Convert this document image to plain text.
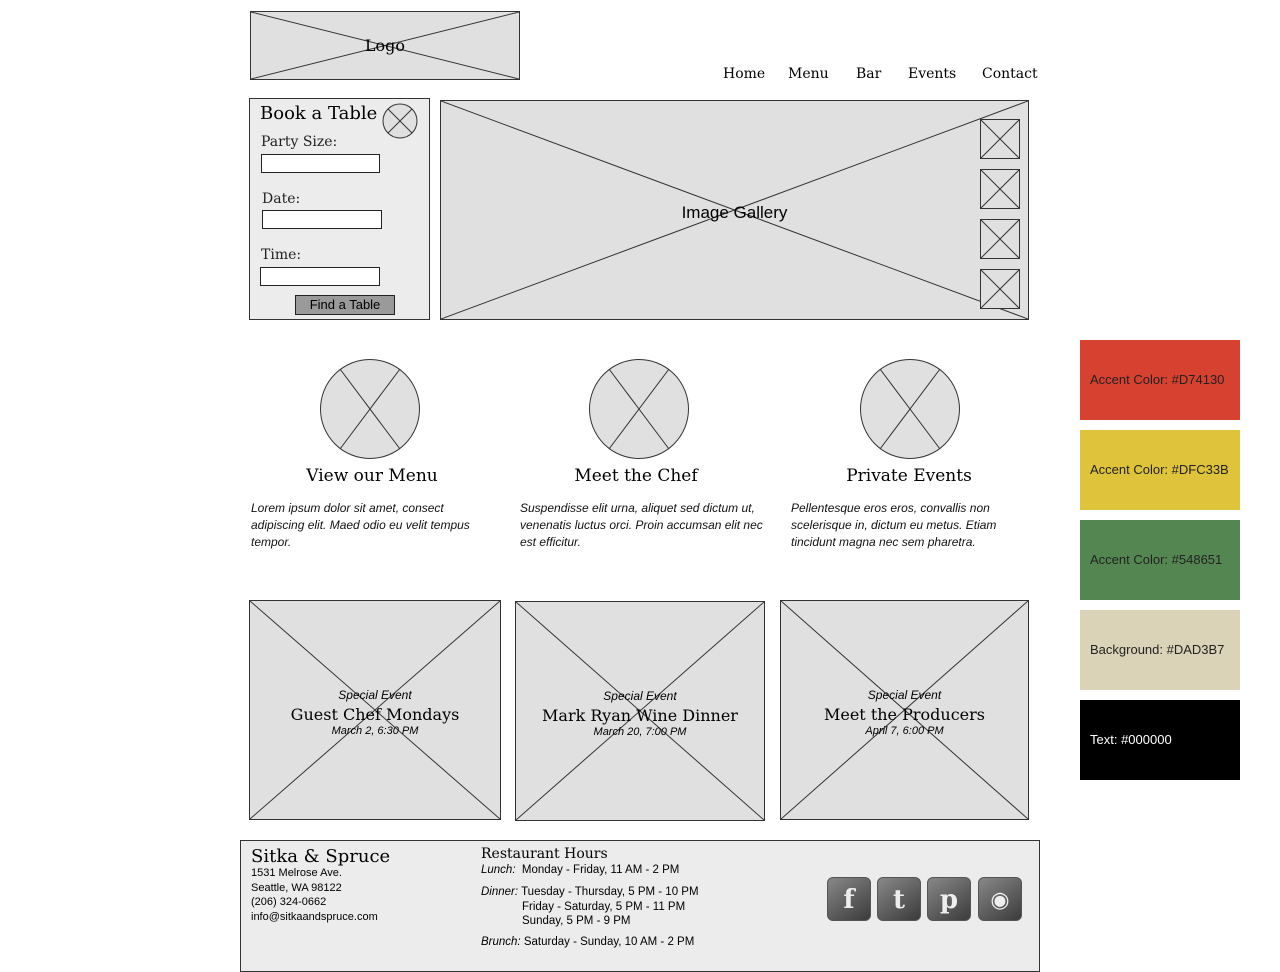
Logo
Home Menu Bar Events Contact
Book a Table
Party Size:
Date:
Time:
Find a Table
Image Gallery
View our Menu	Meet the Chef	Private Events
Lorem ipsum dolor sit amet, consect adipiscing elit. Maed odio eu velit tempus tempor.
Suspendisse elit urna, aliquet sed dictum ut, venenatis luctus orci. Proin accumsan elit nec est efficitur.
Pellentesque eros eros, convallis non scelerisque in, dictum eu metus. Etiam tincidunt magna nec sem pharetra.
Special Event
Guest Chef Mondays
March 2, 6:30 PM
Special Event
Mark Ryan Wine Dinner
March 20, 7:00 PM
Special Event
Meet the Producers
April 7, 6:00 PM
Accent Color: #D74130
Accent Color: #DFC33B
Accent Color: #548651
Background: #DAD3B7
Text: #000000
Sitka & Spruce
1531 Melrose Ave.
Seattle, WA 98122
(206) 324-0662
info@sitkaandspruce.com
Restaurant Hours
Lunch: Monday - Friday, 11 AM - 2 PM
Dinner: Tuesday - Thursday, 5 PM - 10 PM
Friday - Saturday, 5 PM - 11 PM
Sunday, 5 PM - 9 PM
Brunch: Saturday - Sunday, 10 AM - 2 PM
f	t	p	◉
